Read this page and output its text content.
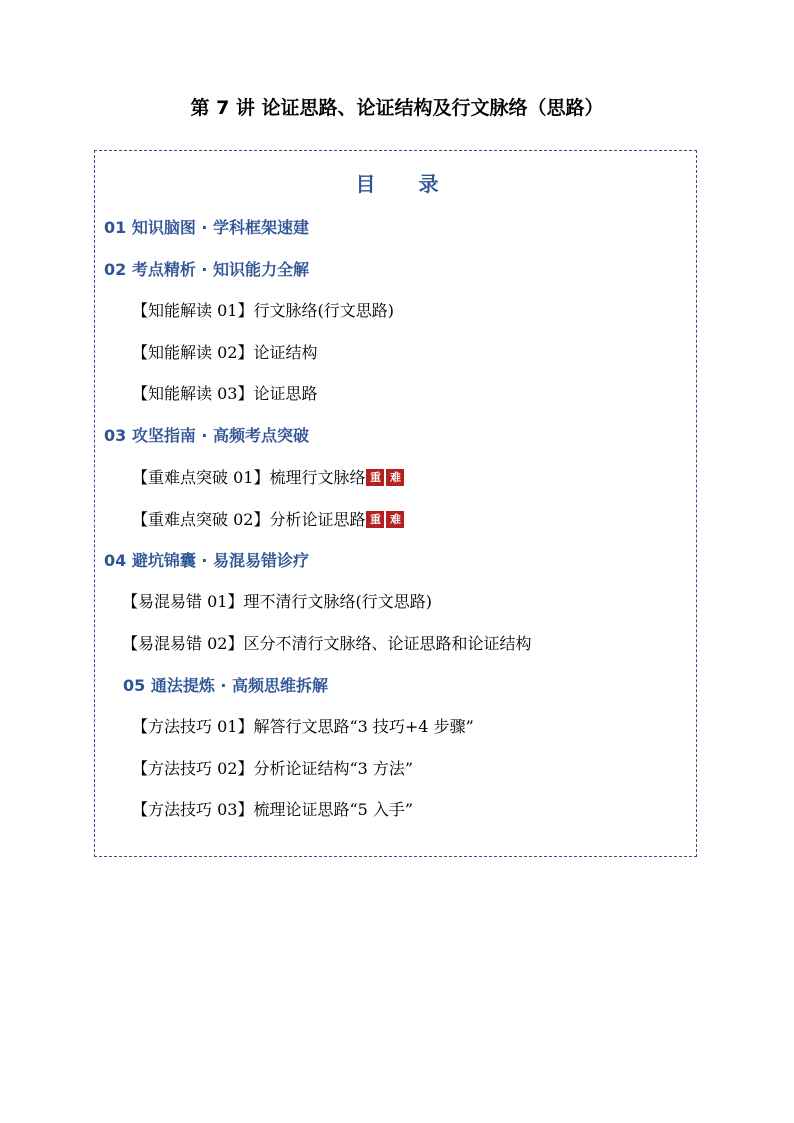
第 7 讲 论证思路、论证结构及行文脉络（思路）
目 录
01 知识脑图 · 学科框架速建
02 考点精析 · 知识能力全解
【知能解读 01】行文脉络(行文思路)
【知能解读 02】论证结构
【知能解读 03】论证思路
03 攻坚指南 · 高频考点突破
【重难点突破 01】梳理行文脉络 重 难
【重难点突破 02】分析论证思路 重 难
04 避坑锦囊 · 易混易错诊疗
【易混易错 01】理不清行文脉络(行文思路)
【易混易错 02】区分不清行文脉络、论证思路和论证结构
05 通法提炼 · 高频思维拆解
【方法技巧 01】解答行文思路“3 技巧+4 步骤”
【方法技巧 02】分析论证结构“3 方法”
【方法技巧 03】梳理论证思路“5 入手”
